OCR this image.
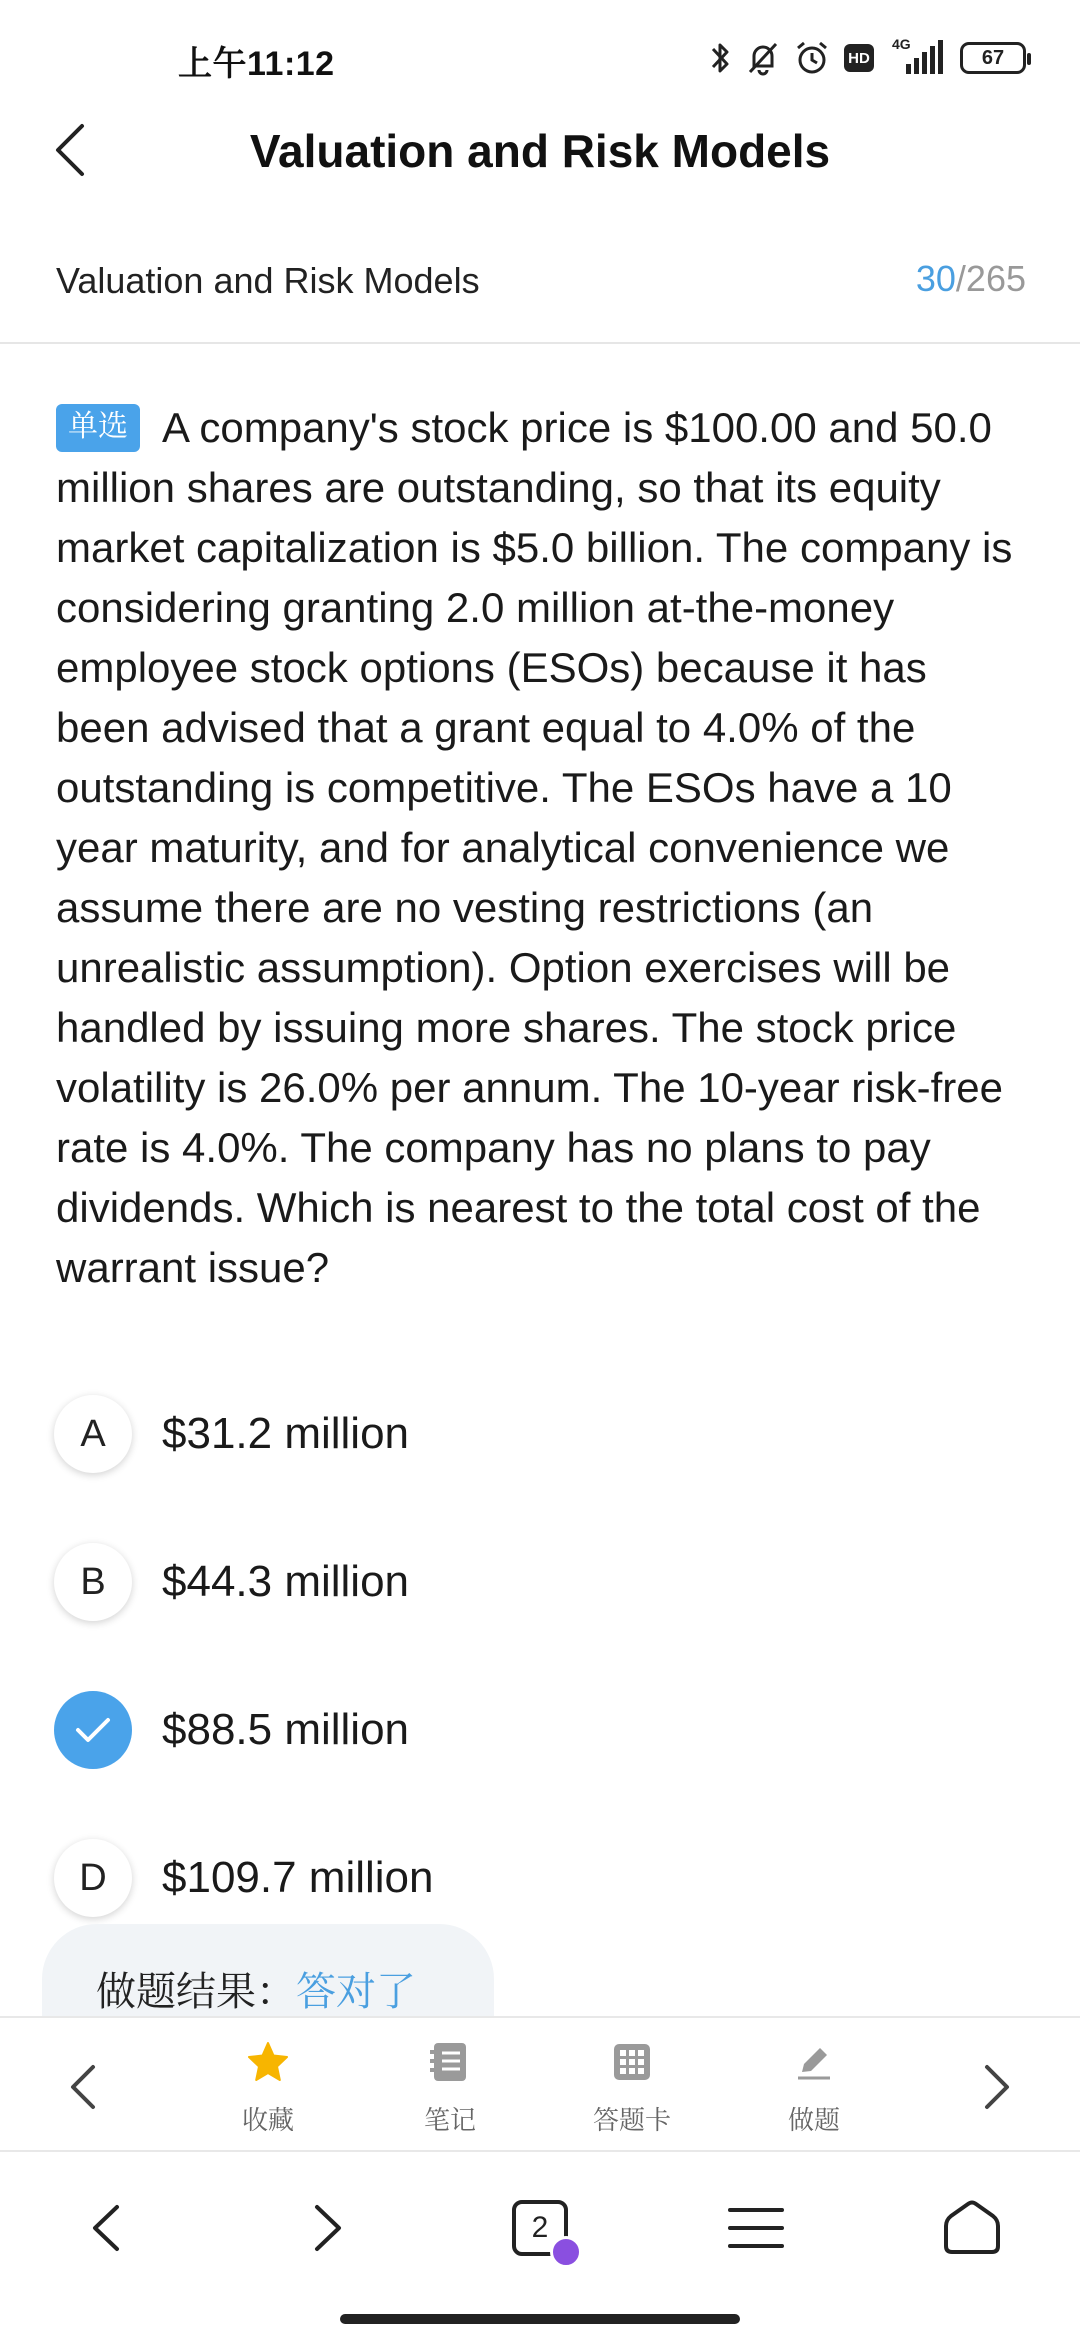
上午11:12	HD
4G
67
Valuation and Risk Models
Valuation and Risk Models	30/265
单选 A company's stock price is $100.00 and 50.0 million shares are outstanding, so that its equity market capitalization is $5.0 billion. The company is considering granting 2.0 million at-the-money employee stock options (ESOs) because it has been advised that a grant equal to 4.0% of the outstanding is competitive. The ESOs have a 10 year maturity, and for analytical convenience we assume there are no vesting restrictions (an unrealistic assumption). Option exercises will be handled by issuing more shares. The stock price volatility is 26.0% per annum. The 10-year risk-free rate is 4.0%. The company has no plans to pay dividends. Which is nearest to the total cost of the warrant issue?
A	$31.2 million
B	$44.3 million
$88.5 million
D	$109.7 million
做题结果： 答对了
收藏	笔记	答题卡	做题
2
